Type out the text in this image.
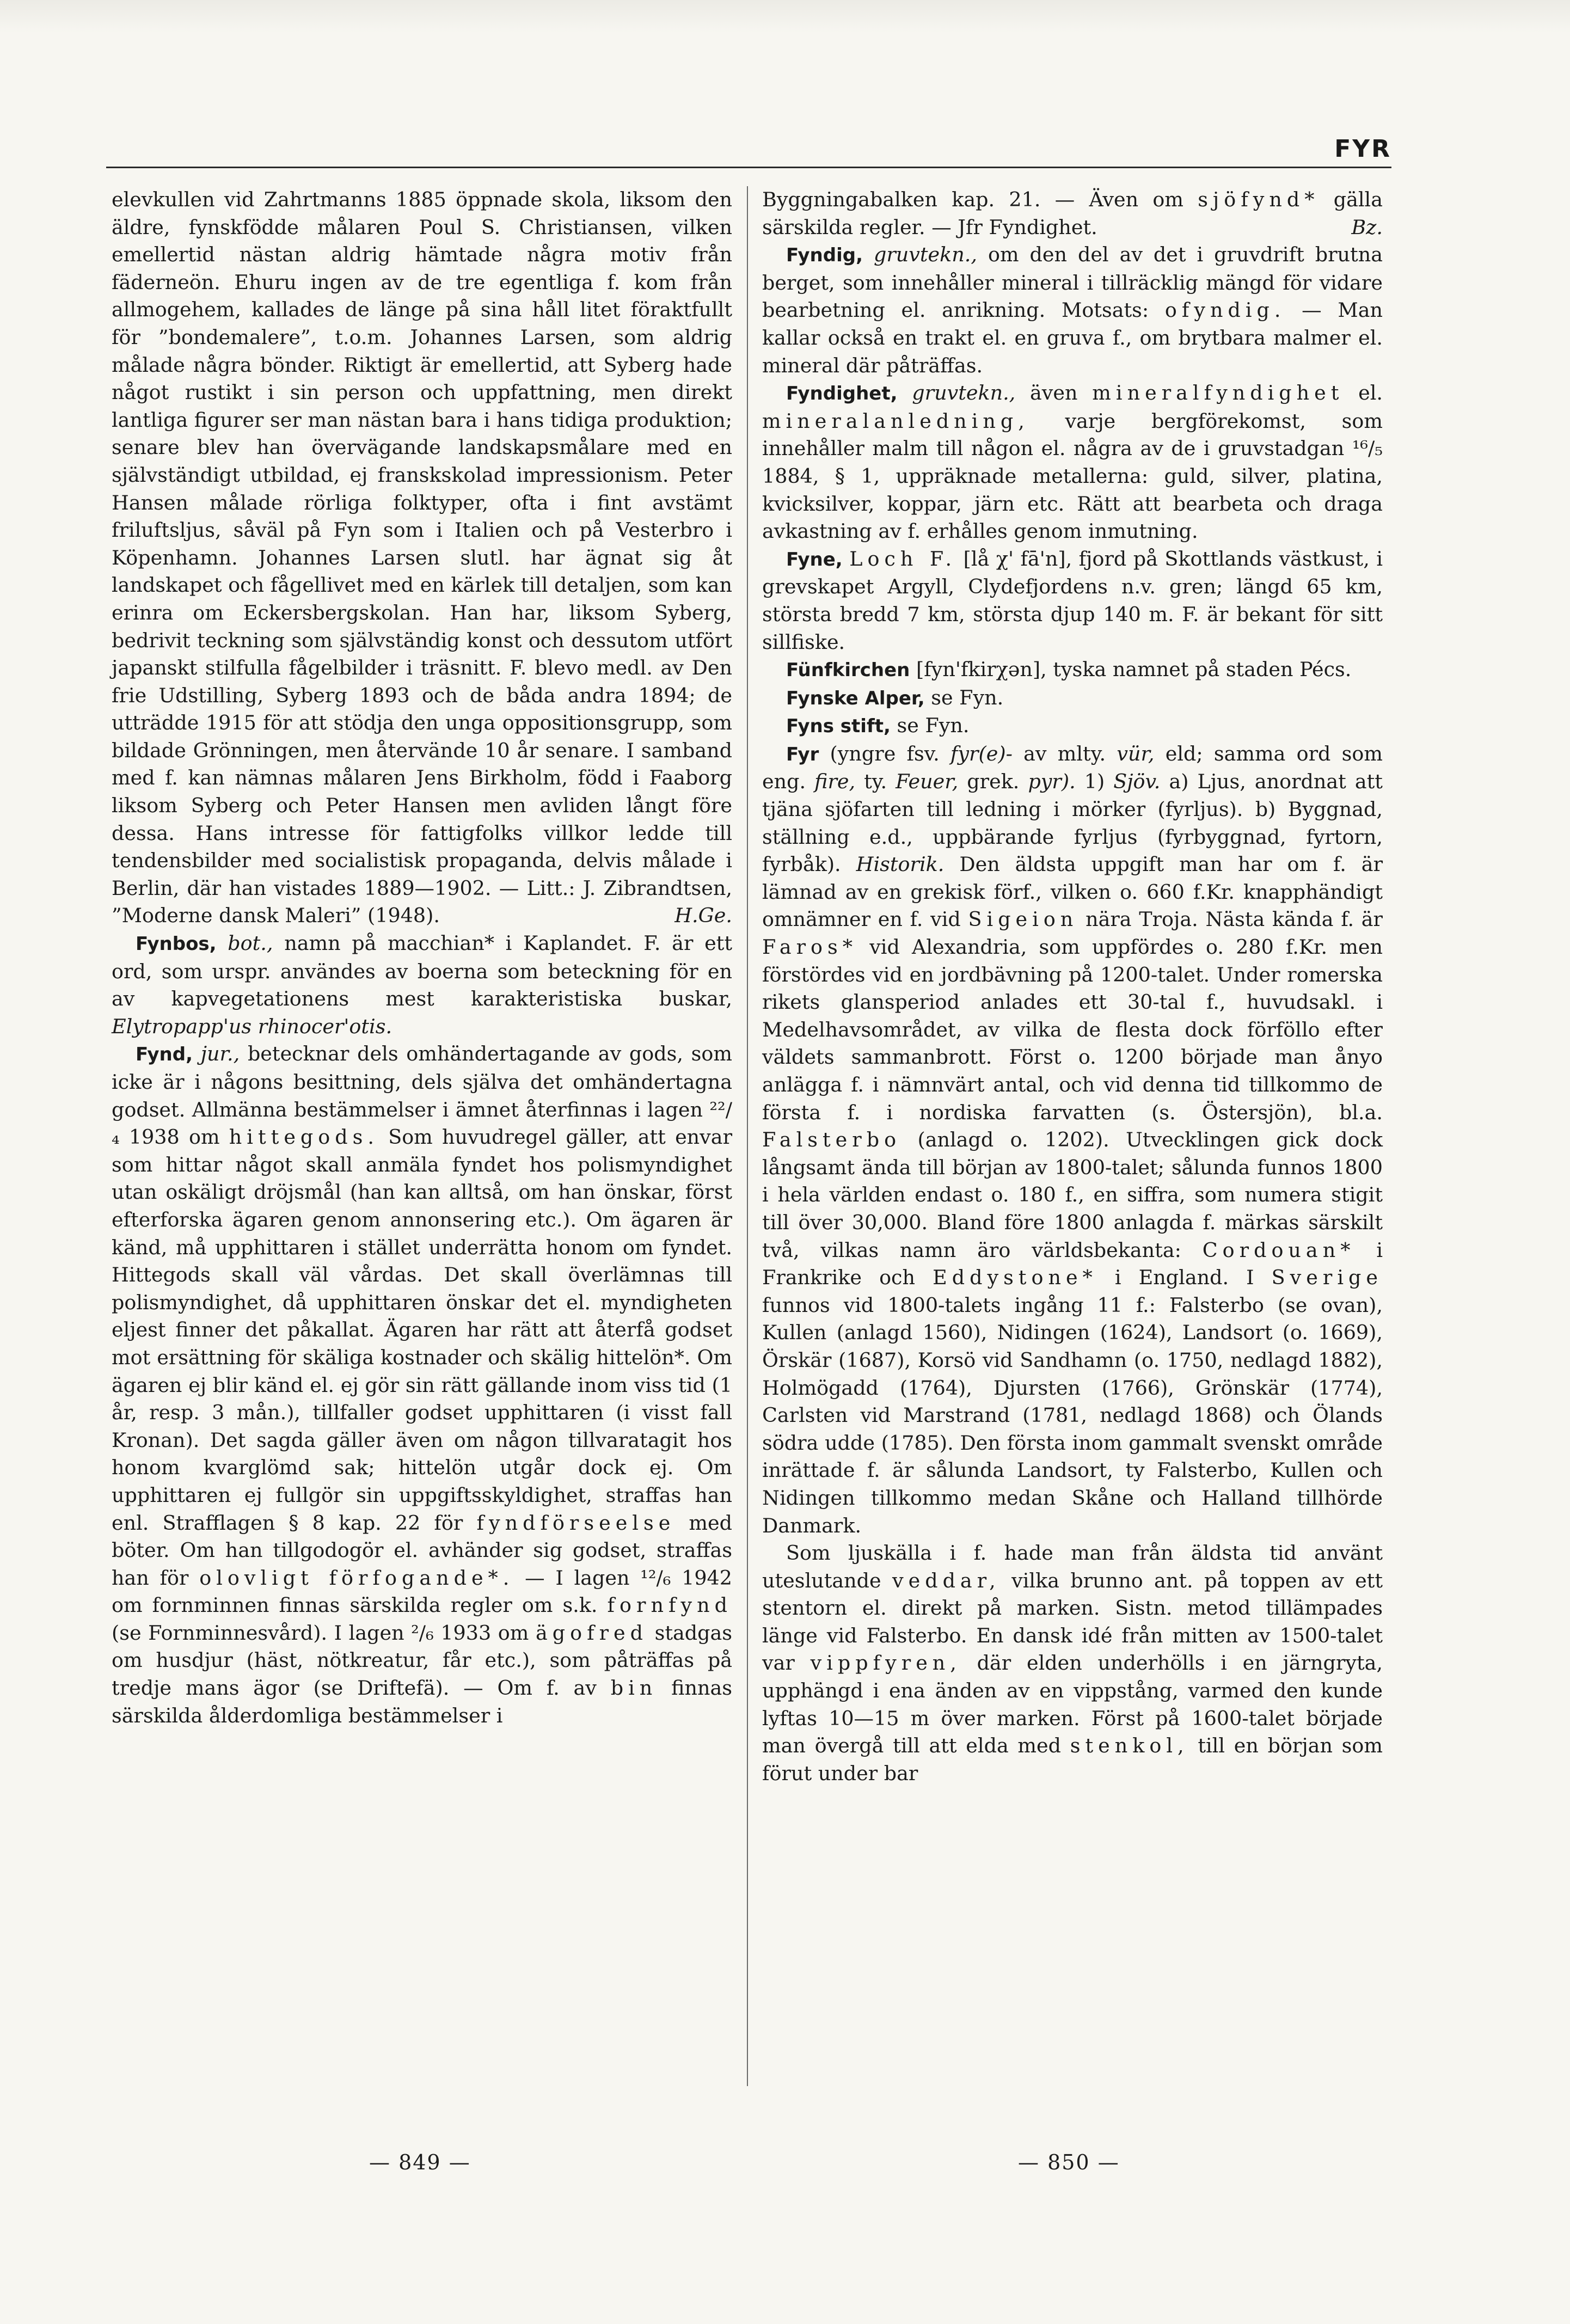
FYR

elevkullen vid Zahrtmanns 1885 öppnade skola, liksom den äldre, fynskfödde målaren Poul S. Christiansen, vilken emellertid nästan aldrig hämtade några motiv från fäderneön. Ehuru ingen av de tre egentliga f. kom från allmogehem, kallades de länge på sina håll litet föraktfullt för ”bondemalere”, t.o.m. Johannes Larsen, som aldrig målade några bönder. Riktigt är emellertid, att Syberg hade något rustikt i sin person och uppfattning, men direkt lantliga figurer ser man nästan bara i hans tidiga produktion; senare blev han övervägande landskapsmålare med en självständigt utbildad, ej franskskolad impressionism. Peter Hansen målade rörliga folktyper, ofta i fint avstämt friluftsljus, såväl på Fyn som i Italien och på Vesterbro i Köpenhamn. Johannes Larsen slutl. har ägnat sig åt landskapet och fågellivet med en kärlek till detaljen, som kan erinra om Eckersbergskolan. Han har, liksom Syberg, bedrivit teckning som självständig konst och dessutom utfört japanskt stilfulla fågelbilder i träsnitt. F. blevo medl. av Den frie Udstilling, Syberg 1893 och de båda andra 1894; de utträdde 1915 för att stödja den unga oppositionsgrupp, som bildade Grönningen, men återvände 10 år senare. I samband med f. kan nämnas målaren Jens Birkholm, född i Faaborg liksom Syberg och Peter Hansen men avliden långt före dessa. Hans intresse för fattigfolks villkor ledde till tendensbilder med socialistisk propaganda, delvis målade i Berlin, där han vistades 1889—1902. — Litt.: J. Zibrandtsen, ”Moderne dansk Maleri” (1948).	H.Ge.

Fynbos, bot., namn på macchian* i Kaplandet. F. är ett ord, som urspr. användes av boerna som beteckning för en av kapvegetationens mest karakteristiska buskar, Elytropapp'us rhinocer'otis.

Fynd, jur., betecknar dels omhändertagande av gods, som icke är i någons besittning, dels själva det omhändertagna godset. Allmänna bestämmelser i ämnet återfinnas i lagen ²²/₄ 1938 om hittegods. Som huvudregel gäller, att envar som hittar något skall anmäla fyndet hos polismyndighet utan oskäligt dröjsmål (han kan alltså, om han önskar, först efterforska ägaren genom annonsering etc.). Om ägaren är känd, må upphittaren i stället underrätta honom om fyndet. Hittegods skall väl vårdas. Det skall överlämnas till polismyndighet, då upphittaren önskar det el. myndigheten eljest finner det påkallat. Ägaren har rätt att återfå godset mot ersättning för skäliga kostnader och skälig hittelön*. Om ägaren ej blir känd el. ej gör sin rätt gällande inom viss tid (1 år, resp. 3 mån.), tillfaller godset upphittaren (i visst fall Kronan). Det sagda gäller även om någon tillvaratagit hos honom kvarglömd sak; hittelön utgår dock ej. Om upphittaren ej fullgör sin uppgiftsskyldighet, straffas han enl. Strafflagen § 8 kap. 22 för fyndförseelse med böter. Om han tillgodogör el. avhänder sig godset, straffas han för olovligt förfogande*. — I lagen ¹²/₆ 1942 om fornminnen finnas särskilda regler om s.k. fornfynd (se Fornminnesvård). I lagen ²/₆ 1933 om ägofred stadgas om husdjur (häst, nötkreatur, får etc.), som påträffas på tredje mans ägor (se Driftefä). — Om f. av bin finnas särskilda ålderdomliga bestämmelser i

Byggningabalken kap. 21. — Även om sjöfynd* gälla särskilda regler. — Jfr Fyndighet.	Bz.

Fyndig, gruvtekn., om den del av det i gruvdrift brutna berget, som innehåller mineral i tillräcklig mängd för vidare bearbetning el. anrikning. Motsats: ofyndig. — Man kallar också en trakt el. en gruva f., om brytbara malmer el. mineral där påträffas.

Fyndighet, gruvtekn., även mineralfyndighet el. mineralanledning, varje bergförekomst, som innehåller malm till någon el. några av de i gruvstadgan ¹⁶/₅ 1884, § 1, uppräknade metallerna: guld, silver, platina, kvicksilver, koppar, järn etc. Rätt att bearbeta och draga avkastning av f. erhålles genom inmutning.

Fyne, Loch F. [lå χ' fā'n], fjord på Skottlands västkust, i grevskapet Argyll, Clydefjordens n.v. gren; längd 65 km, största bredd 7 km, största djup 140 m. F. är bekant för sitt sillfiske.

Fünfkirchen [fyn'fkirχən], tyska namnet på staden Pécs.

Fynske Alper, se Fyn.

Fyns stift, se Fyn.

Fyr (yngre fsv. fyr(e)- av mlty. vür, eld; samma ord som eng. fire, ty. Feuer, grek. pyr). 1) Sjöv. a) Ljus, anordnat att tjäna sjöfarten till ledning i mörker (fyrljus). b) Byggnad, ställning e.d., uppbärande fyrljus (fyrbyggnad, fyrtorn, fyrbåk). Historik. Den äldsta uppgift man har om f. är lämnad av en grekisk förf., vilken o. 660 f.Kr. knapphändigt omnämner en f. vid Sigeion nära Troja. Nästa kända f. är Faros* vid Alexandria, som uppfördes o. 280 f.Kr. men förstördes vid en jordbävning på 1200-talet. Under romerska rikets glansperiod anlades ett 30-tal f., huvudsakl. i Medelhavsområdet, av vilka de flesta dock förföllo efter väldets sammanbrott. Först o. 1200 började man ånyo anlägga f. i nämnvärt antal, och vid denna tid tillkommo de första f. i nordiska farvatten (s. Östersjön), bl.a. Falsterbo (anlagd o. 1202). Utvecklingen gick dock långsamt ända till början av 1800-talet; sålunda funnos 1800 i hela världen endast o. 180 f., en siffra, som numera stigit till över 30,000. Bland före 1800 anlagda f. märkas särskilt två, vilkas namn äro världsbekanta: Cordouan* i Frankrike och Eddystone* i England. I Sverige funnos vid 1800-talets ingång 11 f.: Falsterbo (se ovan), Kullen (anlagd 1560), Nidingen (1624), Landsort (o. 1669), Örskär (1687), Korsö vid Sandhamn (o. 1750, nedlagd 1882), Holmögadd (1764), Djursten (1766), Grönskär (1774), Carlsten vid Marstrand (1781, nedlagd 1868) och Ölands södra udde (1785). Den första inom gammalt svenskt område inrättade f. är sålunda Landsort, ty Falsterbo, Kullen och Nidingen tillkommo medan Skåne och Halland tillhörde Danmark.

Som ljuskälla i f. hade man från äldsta tid använt uteslutande veddar, vilka brunno ant. på toppen av ett stentorn el. direkt på marken. Sistn. metod tillämpades länge vid Falsterbo. En dansk idé från mitten av 1500-talet var vippfyren, där elden underhölls i en järngryta, upphängd i ena änden av en vippstång, varmed den kunde lyftas 10—15 m över marken. Först på 1600-talet började man övergå till att elda med stenkol, till en början som förut under bar

— 849 —	— 850 —
